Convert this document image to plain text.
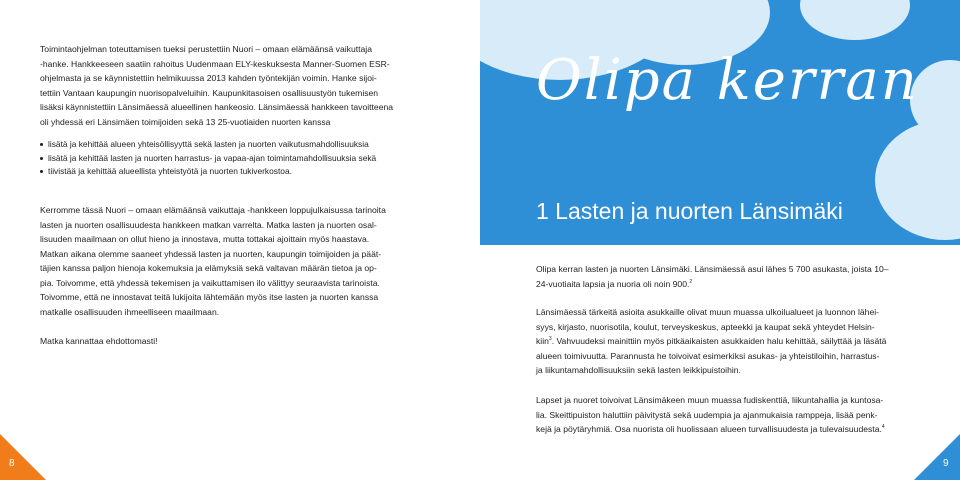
Toimintaohjelman toteuttamisen tueksi perustettiin Nuori – omaan elämäänsä vaikuttaja

-hanke. Hankkeeseen saatiin rahoitus Uudenmaan ELY-keskuksesta Manner-Suomen ESR-

ohjelmasta ja se käynnistettiin helmikuussa 2013 kahden työntekijän voimin. Hanke sijoi-

tettiin Vantaan kaupungin nuorisopalveluihin. Kaupunkitasoisen osallisuustyön tukemisen

lisäksi käynnistettiin Länsimäessä alueellinen hankeosio. Länsimäessä hankkeen tavoitteena

oli yhdessä eri Länsimäen toimijoiden sekä 13 25-vuotiaiden nuorten kanssa

lisätä ja kehittää alueen yhteisöllisyyttä sekä lasten ja nuorten vaikutusmahdollisuuksia
lisätä ja kehittää lasten ja nuorten harrastus- ja vapaa-ajan toimintamahdollisuuksia sekä
tiivistää ja kehittää alueellista yhteistyötä ja nuorten tukiverkostoa.

Kerromme tässä Nuori – omaan elämäänsä vaikuttaja -hankkeen loppujulkaisussa tarinoita

lasten ja nuorten osallisuudesta hankkeen matkan varrelta. Matka lasten ja nuorten osal-

lisuuden maailmaan on ollut hieno ja innostava, mutta tottakai ajoittain myös haastava.

Matkan aikana olemme saaneet yhdessä lasten ja nuorten, kaupungin toimijoiden ja päät-

täjien kanssa paljon hienoja kokemuksia ja elämyksiä sekä valtavan määrän tietoa ja op-

pia. Toivomme, että yhdessä tekemisen ja vaikuttamisen ilo välittyy seuraavista tarinoista.

Toivomme, että ne innostavat teitä lukijoita lähtemään myös itse lasten ja nuorten kanssa

matkalle osallisuuden ihmeelliseen maailmaan.

Matka kannattaa ehdottomasti!

8
Olipa kerran
1 Lasten ja nuorten Länsimäki

Olipa kerran lasten ja nuorten Länsimäki. Länsimäessä asui lähes 5 700 asukasta, joista 10–

24-vuotiaita lapsia ja nuoria oli noin 900.$^2$

Länsimäessä tärkeitä asioita asukkaille olivat muun muassa ulkoilualueet ja luonnon lähei-

syys, kirjasto, nuorisotila, koulut, terveyskeskus, apteekki ja kaupat sekä yhteydet Helsin-

kiin$^3$. Vahvuudeksi mainittiin myös pitkäaikaisten asukkaiden halu kehittää, säilyttää ja läsätä

alueen toimivuutta. Parannusta he toivoivat esimerkiksi asukas- ja yhteistiloihin, harrastus-

ja liikuntamahdollisuuksiin sekä lasten leikkipuistoihin.

Lapset ja nuoret toivoivat Länsimäkeen muun muassa fudiskenttiä, liikuntahallia ja kuntosa-

lia. Skeittipuiston haluttiin päivitystä sekä uudempia ja ajanmukaisia ramppeja, lisää penk-

kejä ja pöytäryhmiä. Osa nuorista oli huolissaan alueen turvallisuudesta ja tulevaisuudesta.$^4$

9
